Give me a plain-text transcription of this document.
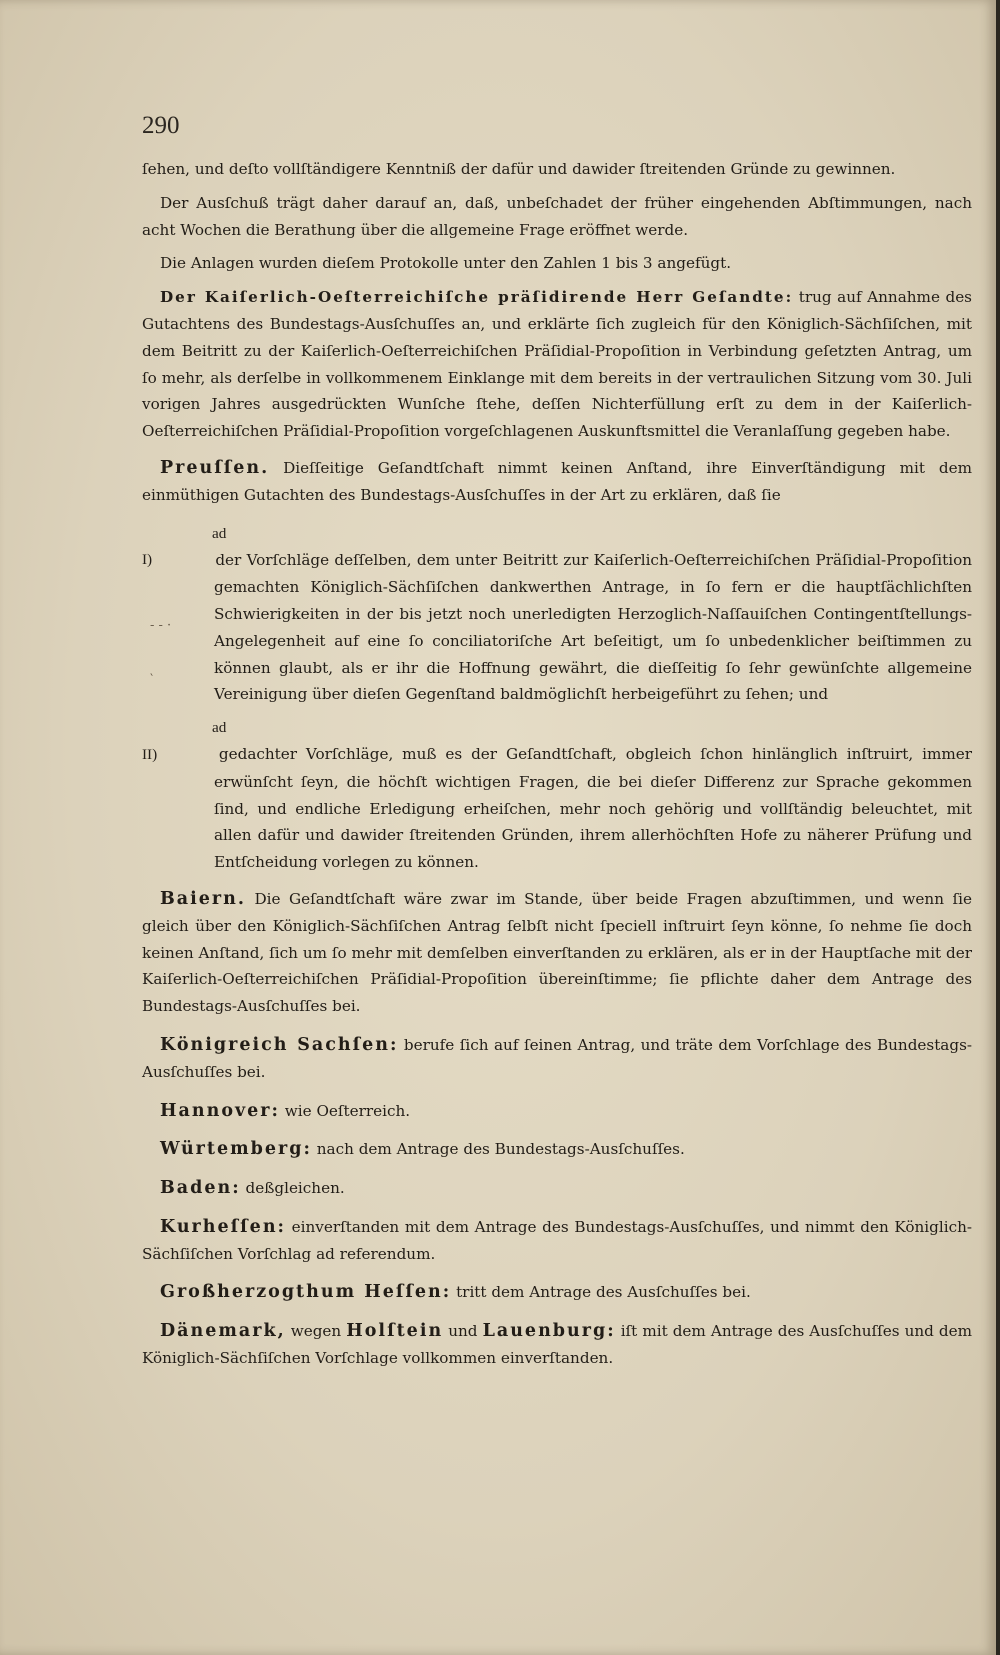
290
‐ ‐ ·
‵

ſehen, und deſto vollſtändigere Kenntniß der dafür und dawider ſtreitenden Gründe zu gewinnen.

Der Ausſchuß trägt daher darauf an, daß, unbeſchadet der früher eingehenden Abſtimmungen, nach acht Wochen die Berathung über die allgemeine Frage eröffnet werde.

Die Anlagen wurden dieſem Protokolle unter den Zahlen 1 bis 3 angefügt.

Der Kaiſerlich-Oeſterreichiſche präſidirende Herr Geſandte: trug auf Annahme des Gutachtens des Bundestags-Ausſchuſſes an, und erklärte ſich zugleich für den Königlich-Sächſiſchen, mit dem Beitritt zu der Kaiſerlich-Oeſterreichiſchen Präſidial-Propoſition in Verbindung geſetzten Antrag, um ſo mehr, als derſelbe in vollkommenem Einklange mit dem bereits in der vertraulichen Sitzung vom 30. Juli vorigen Jahres ausgedrückten Wunſche ſtehe, deſſen Nichterfüllung erſt zu dem in der Kaiſerlich-Oeſterreichiſchen Präſidial-Propoſition vorgeſchlagenen Auskunftsmittel die Veranlaſſung gegeben habe.

Preuſſen. Dieſſeitige Geſandtſchaft nimmt keinen Anſtand, ihre Einverſtändigung mit dem einmüthigen Gutachten des Bundestags-Ausſchuſſes in der Art zu erklären, daß ſie

ad I)	der Vorſchläge deſſelben, dem unter Beitritt zur Kaiſerlich-Oeſterreichiſchen Präſidial-Propoſition gemachten Königlich-Sächſiſchen dankwerthen Antrage, in ſo fern er die hauptſächlichſten Schwierigkeiten in der bis jetzt noch unerledigten Herzoglich-Naſſauiſchen Contingentſtellungs-Angelegenheit auf eine ſo conciliatoriſche Art beſeitigt, um ſo unbedenklicher beiſtimmen zu können glaubt, als er ihr die Hoffnung gewährt, die dieſſeitig ſo ſehr gewünſchte allgemeine Vereinigung über dieſen Gegenſtand baldmöglichſt herbeigeführt zu ſehen; und

ad II)	gedachter Vorſchläge, muß es der Geſandtſchaft, obgleich ſchon hinlänglich inſtruirt, immer erwünſcht ſeyn, die höchſt wichtigen Fragen, die bei dieſer Differenz zur Sprache gekommen ſind, und endliche Erledigung erheiſchen, mehr noch gehörig und vollſtändig beleuchtet, mit allen dafür und dawider ſtreitenden Gründen, ihrem allerhöchſten Hofe zu näherer Prüfung und Entſcheidung vorlegen zu können.

Baiern. Die Geſandtſchaft wäre zwar im Stande, über beide Fragen abzuſtimmen, und wenn ſie gleich über den Königlich-Sächſiſchen Antrag ſelbſt nicht ſpeciell inſtruirt ſeyn könne, ſo nehme ſie doch keinen Anſtand, ſich um ſo mehr mit demſelben einverſtanden zu erklären, als er in der Hauptſache mit der Kaiſerlich-Oeſterreichiſchen Präſidial-Propoſition übereinſtimme; ſie pflichte daher dem Antrage des Bundestags-Ausſchuſſes bei.

Königreich Sachſen: berufe ſich auf ſeinen Antrag, und träte dem Vorſchlage des Bundestags-Ausſchuſſes bei.

Hannover: wie Oeſterreich.

Würtemberg: nach dem Antrage des Bundestags-Ausſchuſſes.

Baden: deßgleichen.

Kurheſſen: einverſtanden mit dem Antrage des Bundestags-Ausſchuſſes, und nimmt den Königlich-Sächſiſchen Vorſchlag ad referendum.

Großherzogthum Heſſen: tritt dem Antrage des Ausſchuſſes bei.

Dänemark, wegen Holſtein und Lauenburg: iſt mit dem Antrage des Ausſchuſſes und dem Königlich-Sächſiſchen Vorſchlage vollkommen einverſtanden.
